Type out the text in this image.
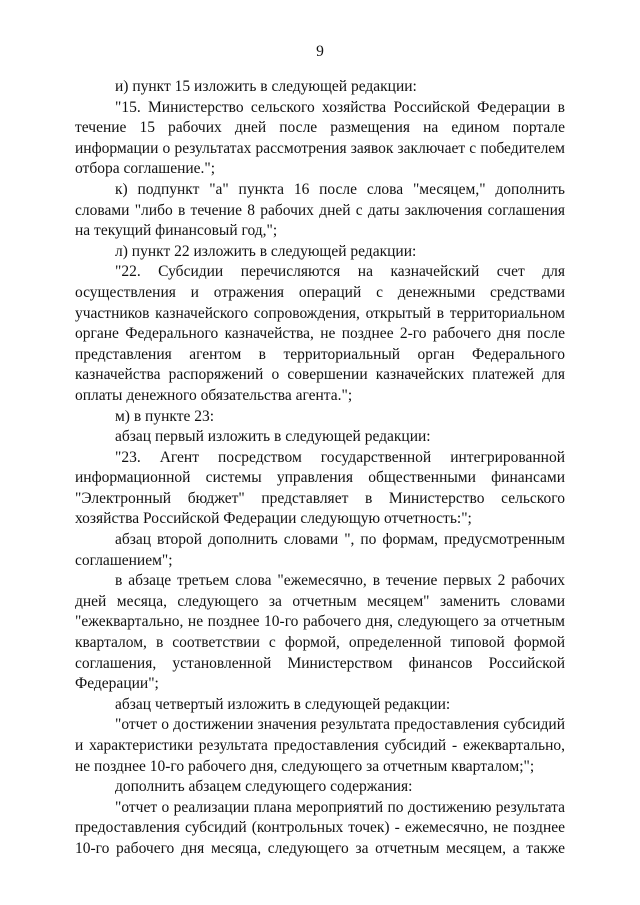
9

и) пункт 15 изложить в следующей редакции:

"15. Министерство сельского хозяйства Российской Федерации в течение 15 рабочих дней после размещения на едином портале информации о результатах рассмотрения заявок заключает с победителем отбора соглашение.";

к) подпункт "а" пункта 16 после слова "месяцем," дополнить словами "либо в течение 8 рабочих дней с даты заключения соглашения на текущий финансовый год,";

л) пункт 22 изложить в следующей редакции:

"22. Субсидии перечисляются на казначейский счет для осуществления и отражения операций с денежными средствами участников казначейского сопровождения, открытый в территориальном органе Федерального казначейства, не позднее 2-го рабочего дня после представления агентом в территориальный орган Федерального казначейства распоряжений о совершении казначейских платежей для оплаты денежного обязательства агента.";

м) в пункте 23:

абзац первый изложить в следующей редакции:

"23. Агент посредством государственной интегрированной информационной системы управления общественными финансами "Электронный бюджет" представляет в Министерство сельского хозяйства Российской Федерации следующую отчетность:";

абзац второй дополнить словами ", по формам, предусмотренным соглашением";

в абзаце третьем слова "ежемесячно, в течение первых 2 рабочих дней месяца, следующего за отчетным месяцем" заменить словами "ежеквартально, не позднее 10-го рабочего дня, следующего за отчетным кварталом, в соответствии с формой, определенной типовой формой соглашения, установленной Министерством финансов Российской Федерации";

абзац четвертый изложить в следующей редакции:

"отчет о достижении значения результата предоставления субсидий и характеристики результата предоставления субсидий - ежеквартально, не позднее 10-го рабочего дня, следующего за отчетным кварталом;";

дополнить абзацем следующего содержания:

"отчет о реализации плана мероприятий по достижению результата предоставления субсидий (контрольных точек) - ежемесячно, не позднее 10-го рабочего дня месяца, следующего за отчетным месяцем, а также
